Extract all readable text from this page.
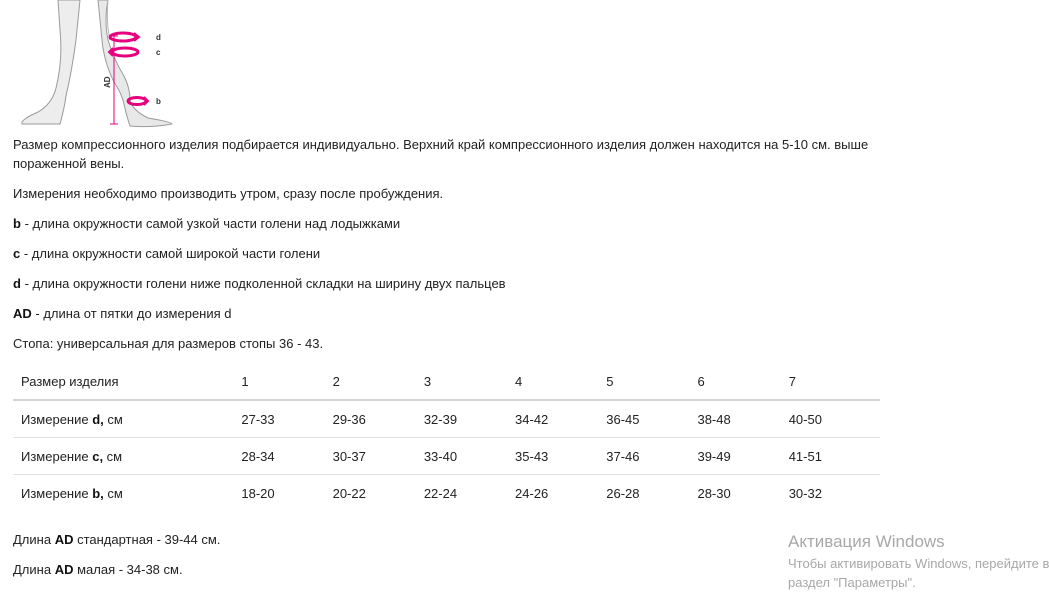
AD
d
c
b
Размер компрессионного изделия подбирается индивидуально. Верхний край компрессионного изделия должен находится на 5-10 см. выше пораженной вены.
Измерения необходимо производить утром, сразу после пробуждения.
b - длина окружности самой узкой части голени над лодыжками
c - длина окружности самой широкой части голени
d - длина окружности голени ниже подколенной складки на ширину двух пальцев
AD - длина от пятки до измерения d
Стопа: универсальная для размеров стопы 36 - 43.
Размер изделия	1	2	3	4	5	6	7
Измерение d, см	27-33	29-36	32-39	34-42	36-45	38-48	40-50
Измерение c, см	28-34	30-37	33-40	35-43	37-46	39-49	41-51
Измерение b, см	18-20	20-22	22-24	24-26	26-28	28-30	30-32
Длина AD стандартная - 39-44 см.
Длина AD малая - 34-38 см.
Активация Windows
Чтобы активировать Windows, перейдите в
раздел "Параметры".
